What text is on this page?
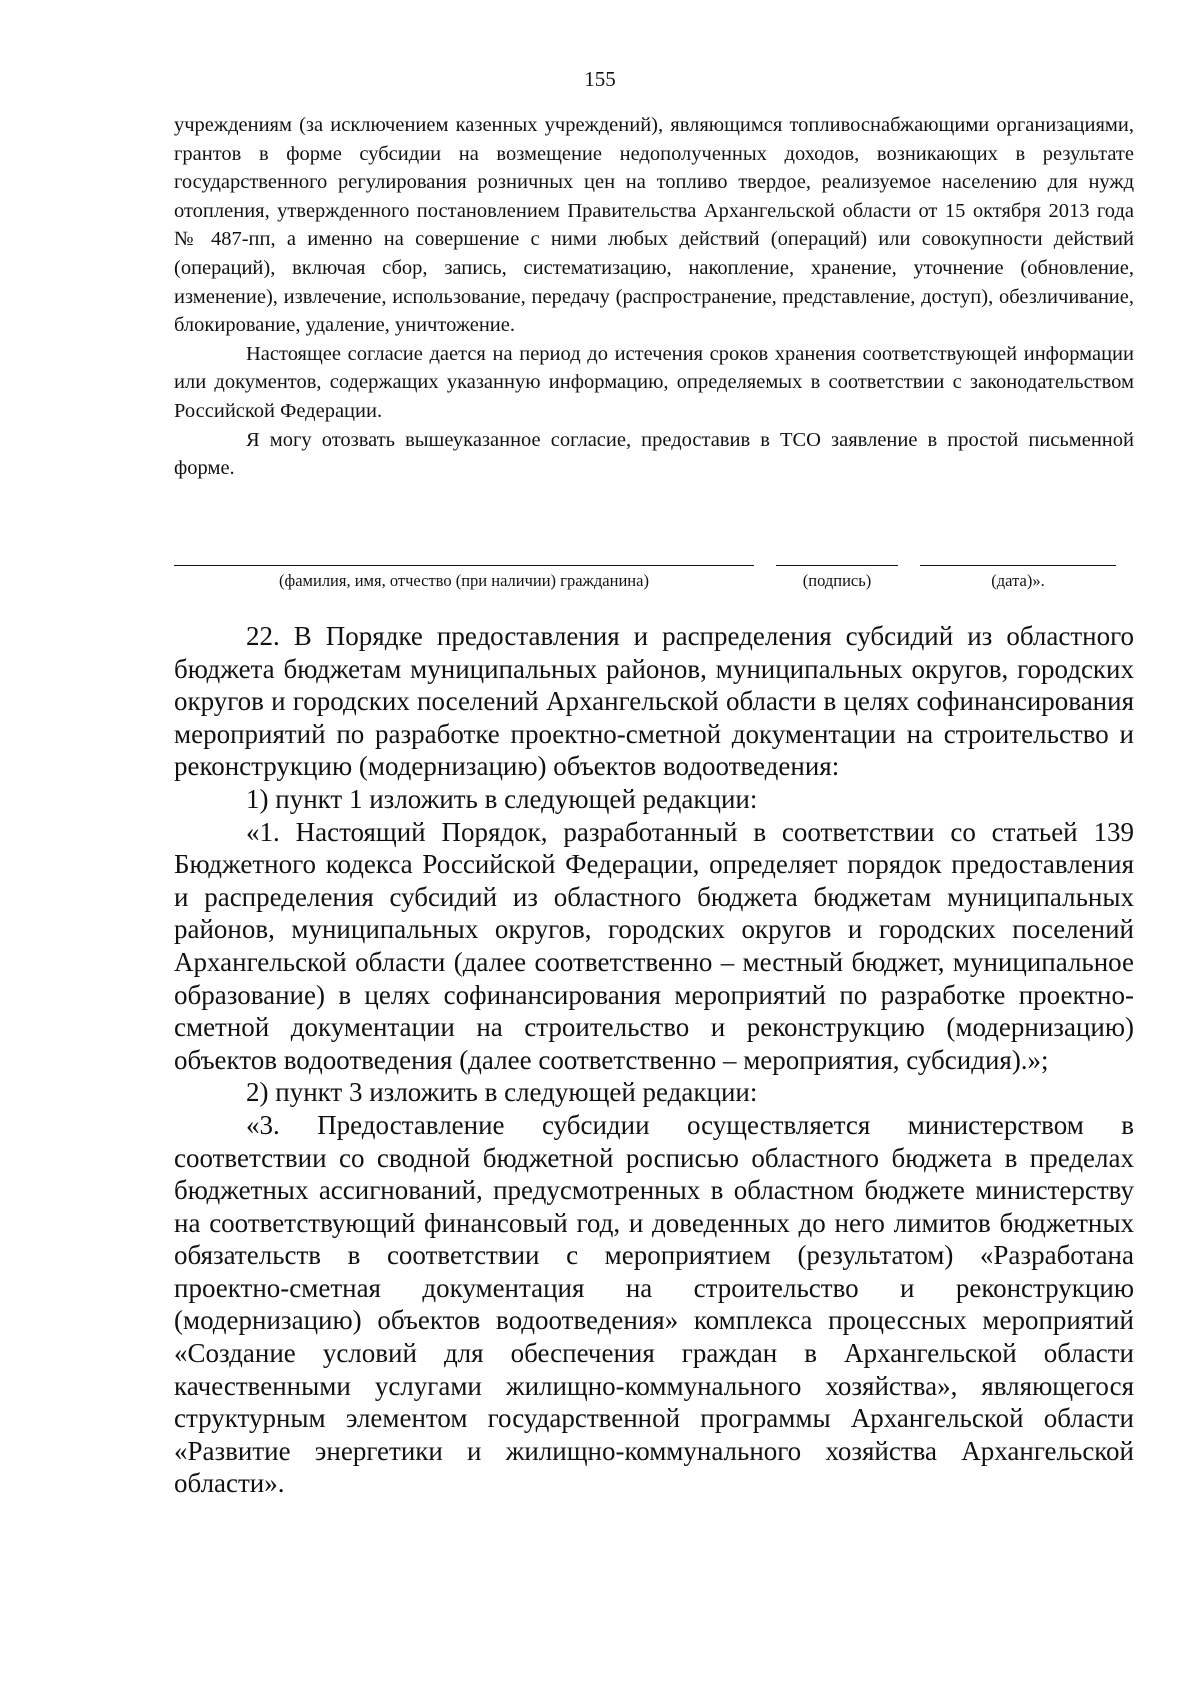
155

учреждениям (за исключением казенных учреждений), являющимся топливоснабжающими организациями, грантов в форме субсидии на возмещение недополученных доходов, возникающих в результате государственного регулирования розничных цен на топливо твердое, реализуемое населению для нужд отопления, утвержденного постановлением Правительства Архангельской области от 15 октября 2013 года № 487-пп, а именно на совершение с ними любых действий (операций) или совокупности действий (операций), включая сбор, запись, систематизацию, накопление, хранение, уточнение (обновление, изменение), извлечение, использование, передачу (распространение, представление, доступ), обезличивание, блокирование, удаление, уничтожение.

Настоящее согласие дается на период до истечения сроков хранения соответствующей информации или документов, содержащих указанную информацию, определяемых в соответствии с законодательством Российской Федерации.

Я могу отозвать вышеуказанное согласие, предоставив в ТСО заявление в простой письменной форме.

(фамилия, имя, отчество (при наличии) гражданина)	(подпись)	(дата)».

22. В Порядке предоставления и распределения субсидий из областного бюджета бюджетам муниципальных районов, муниципальных округов, городских округов и городских поселений Архангельской области в целях софинансирования мероприятий по разработке проектно-сметной документации на строительство и реконструкцию (модернизацию) объектов водоотведения:

1) пункт 1 изложить в следующей редакции:

«1. Настоящий Порядок, разработанный в соответствии со статьей 139 Бюджетного кодекса Российской Федерации, определяет порядок предоставления и распределения субсидий из областного бюджета бюджетам муниципальных районов, муниципальных округов, городских округов и городских поселений Архангельской области (далее соответственно – местный бюджет, муниципальное образование) в целях софинансирования мероприятий по разработке проектно-сметной документации на строительство и реконструкцию (модернизацию) объектов водоотведения (далее соответственно – мероприятия, субсидия).»;

2) пункт 3 изложить в следующей редакции:

«3. Предоставление субсидии осуществляется министерством в соответствии со сводной бюджетной росписью областного бюджета в пределах бюджетных ассигнований, предусмотренных в областном бюджете министерству на соответствующий финансовый год, и доведенных до него лимитов бюджетных обязательств в соответствии с мероприятием (результатом) «Разработана проектно-сметная документация на строительство и реконструкцию (модернизацию) объектов водоотведения» комплекса процессных мероприятий «Создание условий для обеспечения граждан в Архангельской области качественными услугами жилищно-коммунального хозяйства», являющегося структурным элементом государственной программы Архангельской области «Развитие энергетики и жилищно-коммунального хозяйства Архангельской области».
